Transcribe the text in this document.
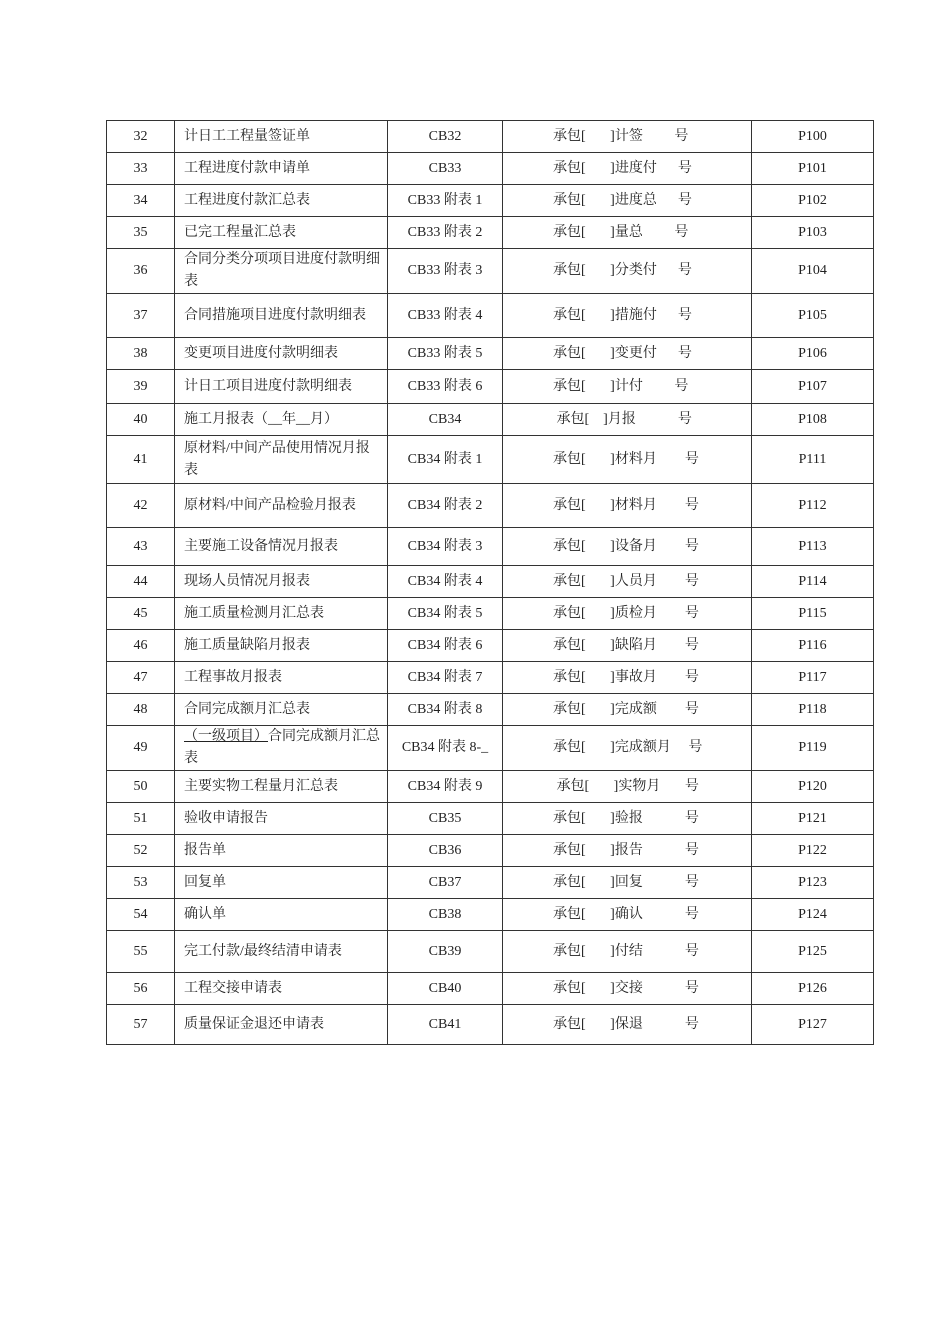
32	计日工工程量签证单	CB32	承包[       ]计签         号	P100
33	工程进度付款申请单	CB33	承包[       ]进度付      号	P101
34	工程进度付款汇总表	CB33 附表 1	承包[       ]进度总      号	P102
35	已完工程量汇总表	CB33 附表 2	承包[       ]量总         号	P103
36	合同分类分项项目进度付款明细表	CB33 附表 3	承包[       ]分类付      号	P104
37	合同措施项目进度付款明细表	CB33 附表 4	承包[       ]措施付      号	P105
38	变更项目进度付款明细表	CB33 附表 5	承包[       ]变更付      号	P106
39	计日工项目进度付款明细表	CB33 附表 6	承包[       ]计付         号	P107
40	施工月报表（__年__月）	CB34	承包[    ]月报            号	P108
41	原材料/中间产品使用情况月报表	CB34 附表 1	承包[       ]材料月        号	P111
42	原材料/中间产品检验月报表	CB34 附表 2	承包[       ]材料月        号	P112
43	主要施工设备情况月报表	CB34 附表 3	承包[       ]设备月        号	P113
44	现场人员情况月报表	CB34 附表 4	承包[       ]人员月        号	P114
45	施工质量检测月汇总表	CB34 附表 5	承包[       ]质检月        号	P115
46	施工质量缺陷月报表	CB34 附表 6	承包[       ]缺陷月        号	P116
47	工程事故月报表	CB34 附表 7	承包[       ]事故月        号	P117
48	合同完成额月汇总表	CB34 附表 8	承包[       ]完成额        号	P118
49	（一级项目）合同完成额月汇总表	CB34 附表 8-_	承包[       ]完成额月     号	P119
50	主要实物工程量月汇总表	CB34 附表 9	承包[       ]实物月       号	P120
51	验收申请报告	CB35	承包[       ]验报            号	P121
52	报告单	CB36	承包[       ]报告            号	P122
53	回复单	CB37	承包[       ]回复            号	P123
54	确认单	CB38	承包[       ]确认            号	P124
55	完工付款/最终结清申请表	CB39	承包[       ]付结            号	P125
56	工程交接申请表	CB40	承包[       ]交接            号	P126
57	质量保证金退还申请表	CB41	承包[       ]保退            号	P127
